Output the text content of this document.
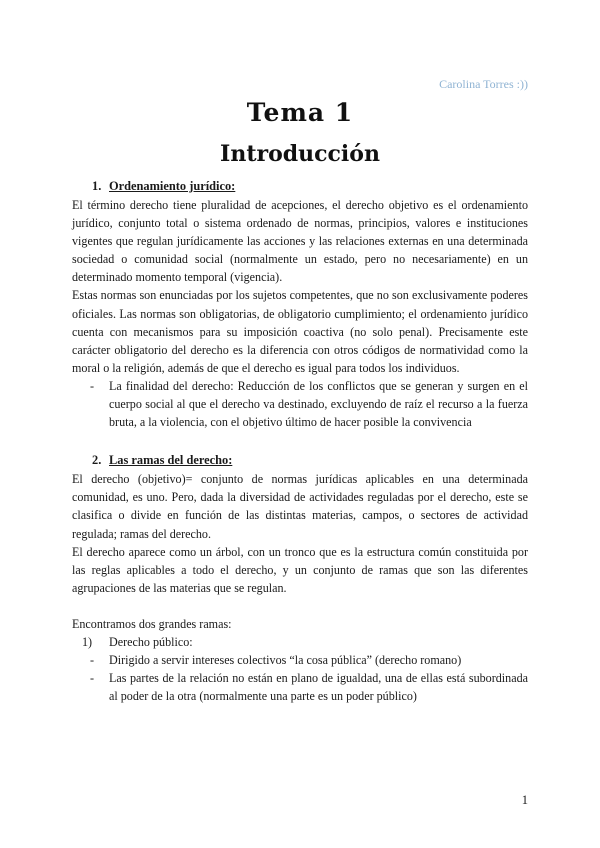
Carolina Torres :))
Tema 1
Introducción
1. Ordenamiento jurídico:

El término derecho tiene pluralidad de acepciones, el derecho objetivo es el ordenamiento jurídico, conjunto total o sistema ordenado de normas, principios, valores e instituciones vigentes que regulan jurídicamente las acciones y las relaciones externas en una determinada sociedad o comunidad social (normalmente un estado, pero no necesariamente) en un determinado momento temporal (vigencia).

Estas normas son enunciadas por los sujetos competentes, que no son exclusivamente poderes oficiales. Las normas son obligatorias, de obligatorio cumplimiento; el ordenamiento jurídico cuenta con mecanismos para su imposición coactiva (no solo penal). Precisamente este carácter obligatorio del derecho es la diferencia con otros códigos de normatividad como la moral o la religión, además de que el derecho es igual para todos los individuos.

- La finalidad del derecho: Reducción de los conflictos que se generan y surgen en el cuerpo social al que el derecho va destinado, excluyendo de raíz el recurso a la fuerza bruta, a la violencia, con el objetivo último de hacer posible la convivencia
2. Las ramas del derecho:

El derecho (objetivo)= conjunto de normas jurídicas aplicables en una determinada comunidad, es uno. Pero, dada la diversidad de actividades reguladas por el derecho, este se clasifica o divide en función de las distintas materias, campos, o sectores de actividad regulada; ramas del derecho.

El derecho aparece como un árbol, con un tronco que es la estructura común constituida por las reglas aplicables a todo el derecho, y un conjunto de ramas que son las diferentes agrupaciones de las materias que se regulan.

Encontramos dos grandes ramas:
1) Derecho público:
- Dirigido a servir intereses colectivos “la cosa pública” (derecho romano)
- Las partes de la relación no están en plano de igualdad, una de ellas está subordinada al poder de la otra (normalmente una parte es un poder público)
1
